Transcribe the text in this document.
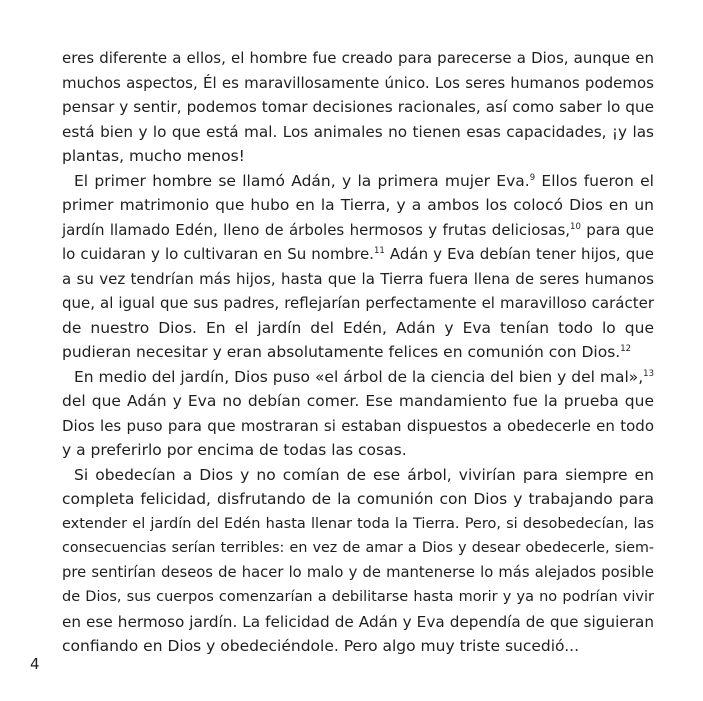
eres diferente a ellos, el hombre fue creado para parecerse a Dios, aunque en
muchos aspectos, Él es maravillosamente único. Los seres humanos podemos
pensar y sentir, podemos tomar decisiones racionales, así como saber lo que
está bien y lo que está mal. Los animales no tienen esas capacidades, ¡y las
plantas, mucho menos!
El primer hombre se llamó Adán, y la primera mujer Eva.$^9$ Ellos fueron el
primer matrimonio que hubo en la Tierra, y a ambos los colocó Dios en un
jardín llamado Edén, lleno de árboles hermosos y frutas deliciosas,$^{10}$ para que
lo cuidaran y lo cultivaran en Su nombre.$^{11}$ Adán y Eva debían tener hijos, que
a su vez tendrían más hijos, hasta que la Tierra fuera llena de seres humanos
que, al igual que sus padres, reflejarían perfectamente el maravilloso carácter
de nuestro Dios. En el jardín del Edén, Adán y Eva tenían todo lo que
pudieran necesitar y eran absolutamente felices en comunión con Dios.$^{12}$
En medio del jardín, Dios puso «el árbol de la ciencia del bien y del mal»,$^{13}$
del que Adán y Eva no debían comer. Ese mandamiento fue la prueba que
Dios les puso para que mostraran si estaban dispuestos a obedecerle en todo
y a preferirlo por encima de todas las cosas.
Si obedecían a Dios y no comían de ese árbol, vivirían para siempre en
completa felicidad, disfrutando de la comunión con Dios y trabajando para
extender el jardín del Edén hasta llenar toda la Tierra. Pero, si desobedecían, las
consecuencias serían terribles: en vez de amar a Dios y desear obedecerle, siem-
pre sentirían deseos de hacer lo malo y de mantenerse lo más alejados posible
de Dios, sus cuerpos comenzarían a debilitarse hasta morir y ya no podrían vivir
en ese hermoso jardín. La felicidad de Adán y Eva dependía de que siguieran
confiando en Dios y obedeciéndole. Pero algo muy triste sucedió...
4
